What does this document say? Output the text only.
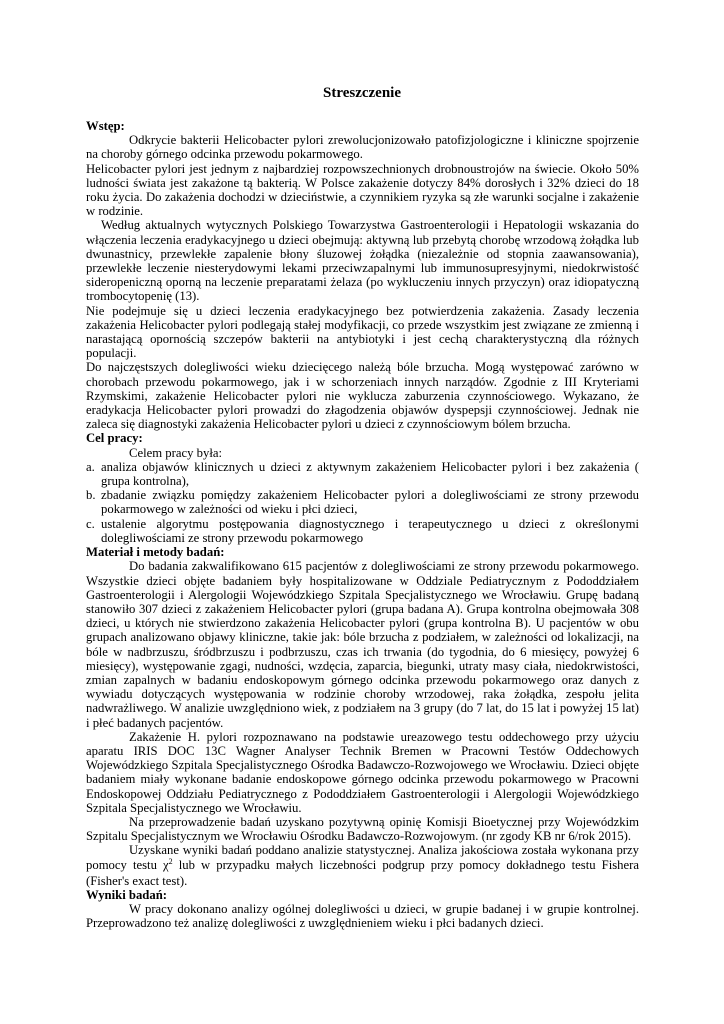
Streszczenie
Wstęp:

Odkrycie bakterii Helicobacter pylori zrewolucjonizowało patofizjologiczne i kliniczne spojrzenie na choroby górnego odcinka przewodu pokarmowego.

Helicobacter pylori jest jednym z najbardziej rozpowszechnionych drobnoustrojów na świecie. Około 50% ludności świata jest zakażone tą bakterią. W Polsce zakażenie dotyczy 84% dorosłych i 32% dzieci do 18 roku życia. Do zakażenia dochodzi w dzieciństwie, a czynnikiem ryzyka są złe warunki socjalne i zakażenie w rodzinie.

Według aktualnych wytycznych Polskiego Towarzystwa Gastroenterologii i Hepatologii wskazania do włączenia leczenia eradykacyjnego u dzieci obejmują: aktywną lub przebytą chorobę wrzodową żołądka lub dwunastnicy, przewlekłe zapalenie błony śluzowej żołądka (niezależnie od stopnia zaawansowania), przewlekłe leczenie niesterydowymi lekami przeciwzapalnymi lub immunosupresyjnymi, niedokrwistość sideropeniczną oporną na leczenie preparatami żelaza (po wykluczeniu innych przyczyn) oraz idiopatyczną trombocytopenię (13).

Nie podejmuje się u dzieci leczenia eradykacyjnego bez potwierdzenia zakażenia. Zasady leczenia zakażenia Helicobacter pylori podlegają stałej modyfikacji, co przede wszystkim jest związane ze zmienną i narastającą opornością szczepów bakterii na antybiotyki i jest cechą charakterystyczną dla różnych populacji.

Do najczęstszych dolegliwości wieku dziecięcego należą bóle brzucha. Mogą występować zarówno w chorobach przewodu pokarmowego, jak i w schorzeniach innych narządów. Zgodnie z III Kryteriami Rzymskimi, zakażenie Helicobacter pylori nie wyklucza zaburzenia czynnościowego. Wykazano, że eradykacja Helicobacter pylori prowadzi do złagodzenia objawów dyspepsji czynnościowej. Jednak nie zaleca się diagnostyki zakażenia Helicobacter pylori u dzieci z czynnościowym bólem brzucha.

Cel pracy:

Celem pracy była:

a. analiza objawów klinicznych u dzieci z aktywnym zakażeniem Helicobacter pylori i bez zakażenia ( grupa kontrolna),
b. zbadanie związku pomiędzy zakażeniem Helicobacter pylori a dolegliwościami ze strony przewodu pokarmowego w zależności od wieku i płci dzieci,
c. ustalenie algorytmu postępowania diagnostycznego i terapeutycznego u dzieci z określonymi dolegliwościami ze strony przewodu pokarmowego
Materiał i metody badań:

Do badania zakwalifikowano 615 pacjentów z dolegliwościami ze strony przewodu pokarmowego. Wszystkie dzieci objęte badaniem były hospitalizowane w Oddziale Pediatrycznym z Pododdziałem Gastroenterologii i Alergologii Wojewódzkiego Szpitala Specjalistycznego we Wrocławiu. Grupę badaną stanowiło 307 dzieci z zakażeniem Helicobacter pylori (grupa badana A). Grupa kontrolna obejmowała 308 dzieci, u których nie stwierdzono zakażenia Helicobacter pylori (grupa kontrolna B). U pacjentów w obu grupach analizowano objawy kliniczne, takie jak: bóle brzucha z podziałem, w zależności od lokalizacji, na bóle w nadbrzuszu, śródbrzuszu i podbrzuszu, czas ich trwania (do tygodnia, do 6 miesięcy, powyżej 6 miesięcy), występowanie zgagi, nudności, wzdęcia, zaparcia, biegunki, utraty masy ciała, niedokrwistości, zmian zapalnych w badaniu endoskopowym górnego odcinka przewodu pokarmowego oraz danych z wywiadu dotyczących występowania w rodzinie choroby wrzodowej, raka żołądka, zespołu jelita nadwrażliwego. W analizie uwzględniono wiek, z podziałem na 3 grupy (do 7 lat, do 15 lat i powyżej 15 lat) i płeć badanych pacjentów.

Zakażenie H. pylori rozpoznawano na podstawie ureazowego testu oddechowego przy użyciu aparatu IRIS DOC 13C Wagner Analyser Technik Bremen w Pracowni Testów Oddechowych Wojewódzkiego Szpitala Specjalistycznego Ośrodka Badawczo-Rozwojowego we Wrocławiu. Dzieci objęte badaniem miały wykonane badanie endoskopowe górnego odcinka przewodu pokarmowego w Pracowni Endoskopowej Oddziału Pediatrycznego z Pododdziałem Gastroenterologii i Alergologii Wojewódzkiego Szpitala Specjalistycznego we Wrocławiu.

Na przeprowadzenie badań uzyskano pozytywną opinię Komisji Bioetycznej przy Wojewódzkim Szpitalu Specjalistycznym we Wrocławiu Ośrodku Badawczo-Rozwojowym. (nr zgody KB nr 6/rok 2015).

Uzyskane wyniki badań poddano analizie statystycznej. Analiza jakościowa została wykonana przy pomocy testu $\chi^2$ lub w przypadku małych liczebności podgrup przy pomocy dokładnego testu Fishera (Fisher's exact test).

Wyniki badań:

W pracy dokonano analizy ogólnej dolegliwości u dzieci, w grupie badanej i w grupie kontrolnej. Przeprowadzono też analizę dolegliwości z uwzględnieniem wieku i płci badanych dzieci.
